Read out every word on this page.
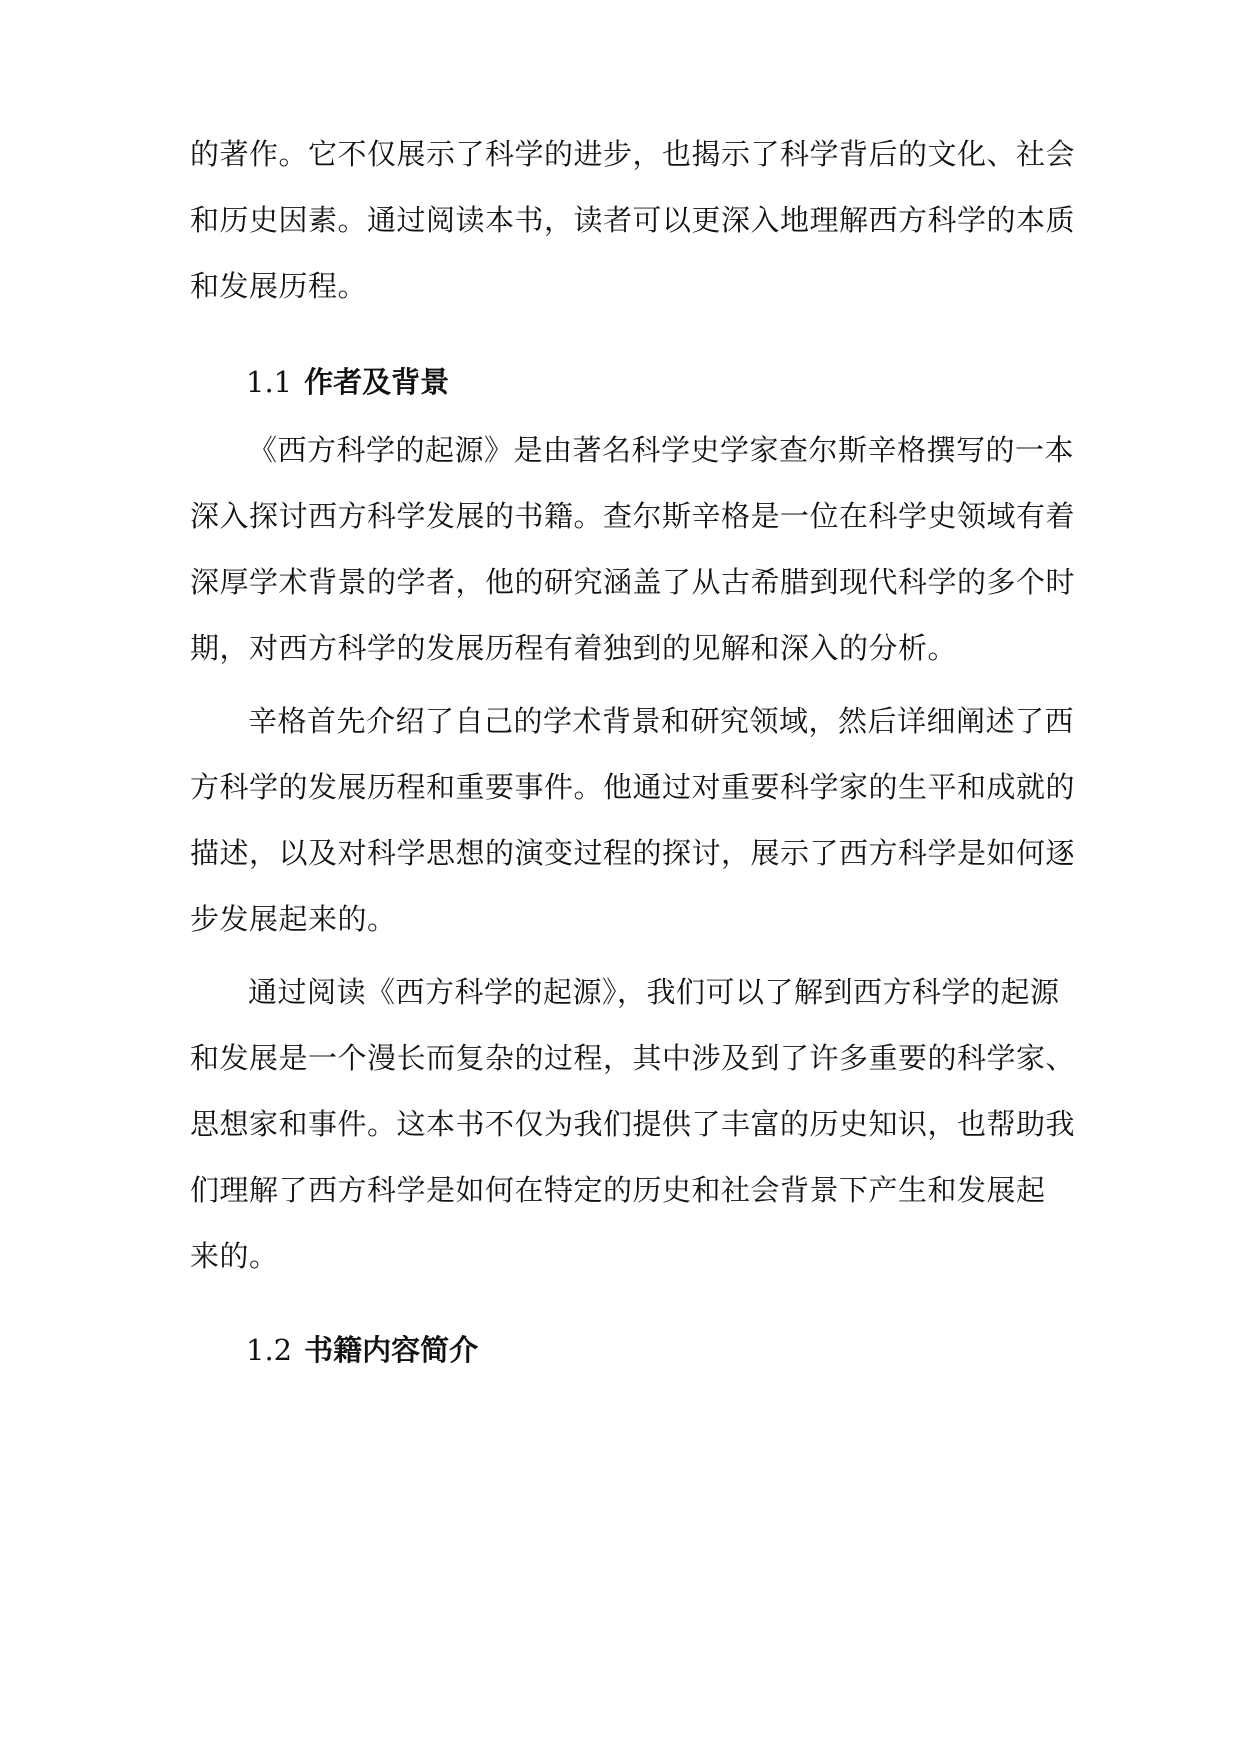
的著作。它不仅展示了科学的进步，也揭示了科学背后的文化、社会
和历史因素。通过阅读本书，读者可以更深入地理解西方科学的本质
和发展历程。
1.1 作者及背景
《西方科学的起源》是由著名科学史学家查尔斯辛格撰写的一本
深入探讨西方科学发展的书籍。查尔斯辛格是一位在科学史领域有着
深厚学术背景的学者，他的研究涵盖了从古希腊到现代科学的多个时
期，对西方科学的发展历程有着独到的见解和深入的分析。
辛格首先介绍了自己的学术背景和研究领域，然后详细阐述了西
方科学的发展历程和重要事件。他通过对重要科学家的生平和成就的
描述，以及对科学思想的演变过程的探讨，展示了西方科学是如何逐
步发展起来的。
通过阅读《西方科学的起源》，我们可以了解到西方科学的起源
和发展是一个漫长而复杂的过程，其中涉及到了许多重要的科学家、
思想家和事件。这本书不仅为我们提供了丰富的历史知识，也帮助我
们理解了西方科学是如何在特定的历史和社会背景下产生和发展起
来的。
1.2 书籍内容简介
